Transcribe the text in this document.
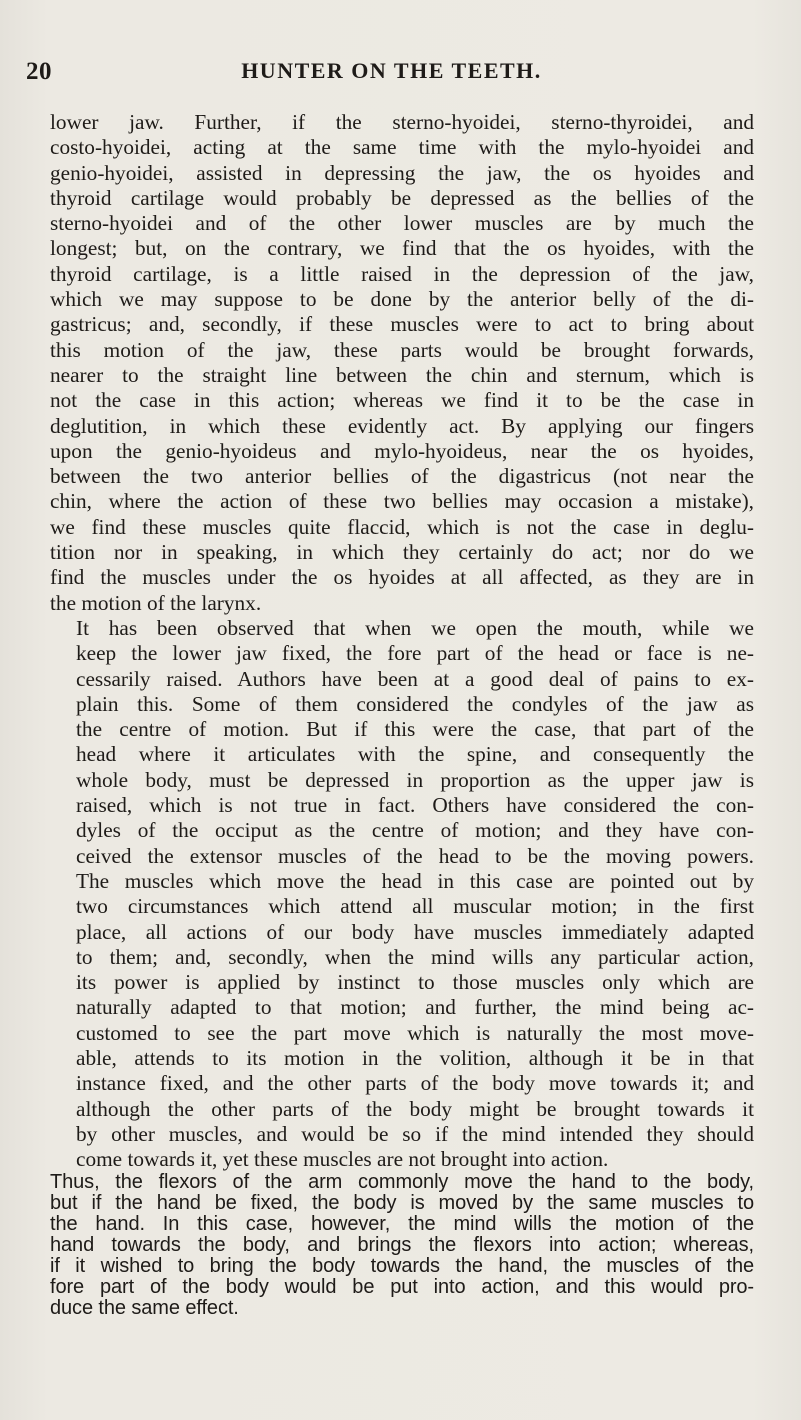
20	HUNTER ON THE TEETH.

lower jaw. Further, if the sterno-hyoidei, sterno-thyroidei, and
costo-hyoidei, acting at the same time with the mylo-hyoidei and
genio-hyoidei, assisted in depressing the jaw, the os hyoides and
thyroid cartilage would probably be depressed as the bellies of the
sterno-hyoidei and of the other lower muscles are by much the
longest; but, on the contrary, we find that the os hyoides, with the
thyroid cartilage, is a little raised in the depression of the jaw,
which we may suppose to be done by the anterior belly of the di-
gastricus; and, secondly, if these muscles were to act to bring about
this motion of the jaw, these parts would be brought forwards,
nearer to the straight line between the chin and sternum, which is
not the case in this action; whereas we find it to be the case in
deglutition, in which these evidently act. By applying our fingers
upon the genio-hyoideus and mylo-hyoideus, near the os hyoides,
between the two anterior bellies of the digastricus (not near the
chin, where the action of these two bellies may occasion a mistake),
we find these muscles quite flaccid, which is not the case in deglu-
tition nor in speaking, in which they certainly do act; nor do we
find the muscles under the os hyoides at all affected, as they are in
the motion of the larynx.

It has been observed that when we open the mouth, while we
keep the lower jaw fixed, the fore part of the head or face is ne-
cessarily raised. Authors have been at a good deal of pains to ex-
plain this. Some of them considered the condyles of the jaw as
the centre of motion. But if this were the case, that part of the
head where it articulates with the spine, and consequently the
whole body, must be depressed in proportion as the upper jaw is
raised, which is not true in fact. Others have considered the con-
dyles of the occiput as the centre of motion; and they have con-
ceived the extensor muscles of the head to be the moving powers.
The muscles which move the head in this case are pointed out by
two circumstances which attend all muscular motion; in the first
place, all actions of our body have muscles immediately adapted
to them; and, secondly, when the mind wills any particular action,
its power is applied by instinct to those muscles only which are
naturally adapted to that motion; and further, the mind being ac-
customed to see the part move which is naturally the most move-
able, attends to its motion in the volition, although it be in that
instance fixed, and the other parts of the body move towards it; and
although the other parts of the body might be brought towards it
by other muscles, and would be so if the mind intended they should
come towards it, yet these muscles are not brought into action.

Thus, the flexors of the arm commonly move the hand to the body,
but if the hand be fixed, the body is moved by the same muscles to
the hand. In this case, however, the mind wills the motion of the
hand towards the body, and brings the flexors into action; whereas,
if it wished to bring the body towards the hand, the muscles of the
fore part of the body would be put into action, and this would pro-
duce the same effect.
